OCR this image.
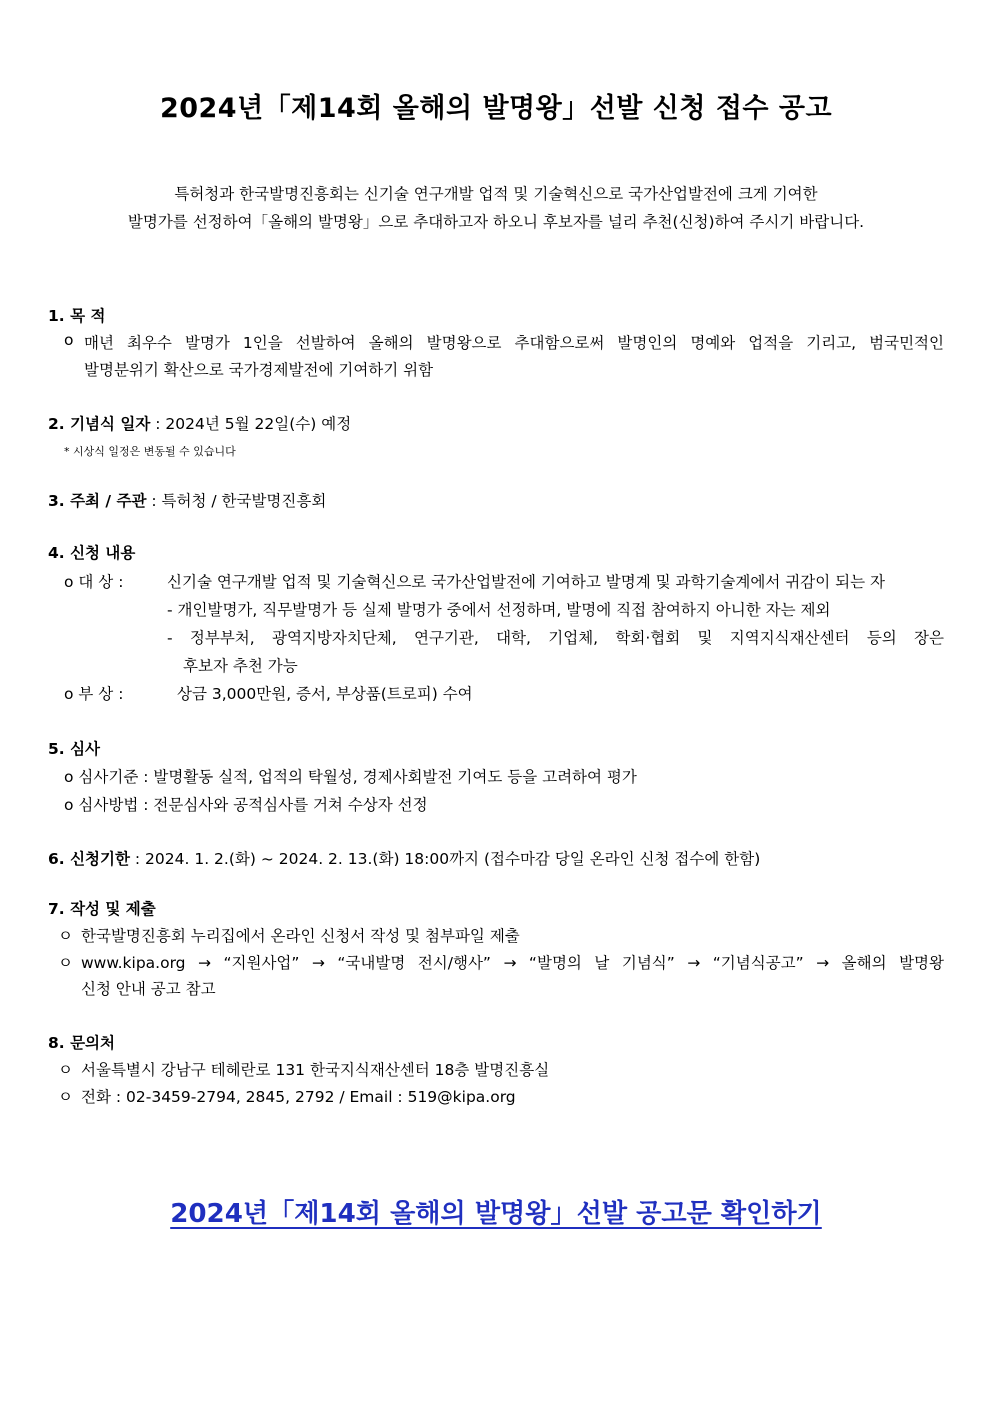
2024년「제14회 올해의 발명왕」선발 신청 접수 공고
특허청과 한국발명진흥회는 신기술 연구개발 업적 및 기술혁신으로 국가산업발전에 크게 기여한
발명가를 선정하여「올해의 발명왕」으로 추대하고자 하오니 후보자를 널리 추천(신청)하여 주시기 바랍니다.
1. 목 적
o 매년 최우수 발명가 1인을 선발하여 올해의 발명왕으로 추대함으로써 발명인의 명예와 업적을 기리고, 범국민적인
발명분위기 확산으로 국가경제발전에 기여하기 위함
2. 기념식 일자 : 2024년 5월 22일(수) 예정
* 시상식 일정은 변동될 수 있습니다
3. 주최 / 주관 : 특허청 / 한국발명진흥회
4. 신청 내용
o 대 상 :	신기술 연구개발 업적 및 기술혁신으로 국가산업발전에 기여하고 발명계 및 과학기술계에서 귀감이 되는 자
- 개인발명가, 직무발명가 등 실제 발명가 중에서 선정하며, 발명에 직접 참여하지 아니한 자는 제외
- 정부부처, 광역지방자치단체, 연구기관, 대학, 기업체, 학회·협회 및 지역지식재산센터 등의 장은
후보자 추천 가능
o 부 상 :	상금 3,000만원, 증서, 부상품(트로피) 수여
5. 심사
o 심사기준 : 발명활동 실적, 업적의 탁월성, 경제사회발전 기여도 등을 고려하여 평가
o 심사방법 : 전문심사와 공적심사를 거쳐 수상자 선정
6. 신청기한 : 2024. 1. 2.(화) ~ 2024. 2. 13.(화) 18:00까지 (접수마감 당일 온라인 신청 접수에 한함)
7. 작성 및 제출
ㅇ 한국발명진흥회 누리집에서 온라인 신청서 작성 및 첨부파일 제출
ㅇ www.kipa.org → “지원사업” → “국내발명 전시/행사” → “발명의 날 기념식” → “기념식공고” → 올해의 발명왕
신청 안내 공고 참고
8. 문의처
ㅇ 서울특별시 강남구 테헤란로 131 한국지식재산센터 18층 발명진흥실
ㅇ 전화 : 02-3459-2794, 2845, 2792 / Email : 519@kipa.org
2024년「제14회 올해의 발명왕」선발 공고문 확인하기
